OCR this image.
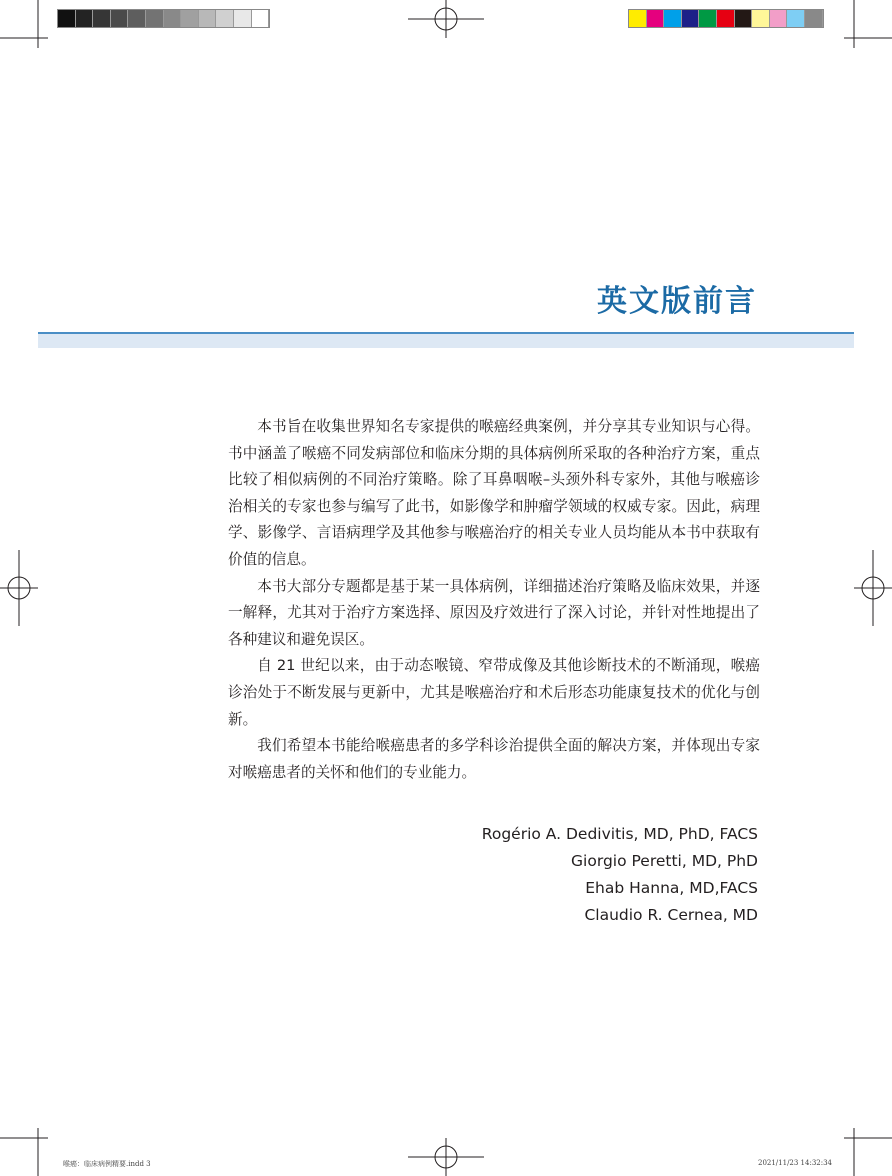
英文版前言

本书旨在收集世界知名专家提供的喉癌经典案例，并分享其专业知识与心得。书中涵盖了喉癌不同发病部位和临床分期的具体病例所采取的各种治疗方案，重点比较了相似病例的不同治疗策略。除了耳鼻咽喉–头颈外科专家外，其他与喉癌诊治相关的专家也参与编写了此书，如影像学和肿瘤学领域的权威专家。因此，病理学、影像学、言语病理学及其他参与喉癌治疗的相关专业人员均能从本书中获取有价值的信息。

本书大部分专题都是基于某一具体病例，详细描述治疗策略及临床效果，并逐一解释，尤其对于治疗方案选择、原因及疗效进行了深入讨论，并针对性地提出了各种建议和避免误区。

自 21 世纪以来，由于动态喉镜、窄带成像及其他诊断技术的不断涌现，喉癌诊治处于不断发展与更新中，尤其是喉癌治疗和术后形态功能康复技术的优化与创新。

我们希望本书能给喉癌患者的多学科诊治提供全面的解决方案，并体现出专家对喉癌患者的关怀和他们的专业能力。

Rogério A. Dedivitis, MD, PhD, FACS
Giorgio Peretti, MD, PhD
Ehab Hanna, MD,FACS
Claudio R. Cernea, MD
喉癌：临床病例精要.indd 3	2021/11/23 14:32:34
